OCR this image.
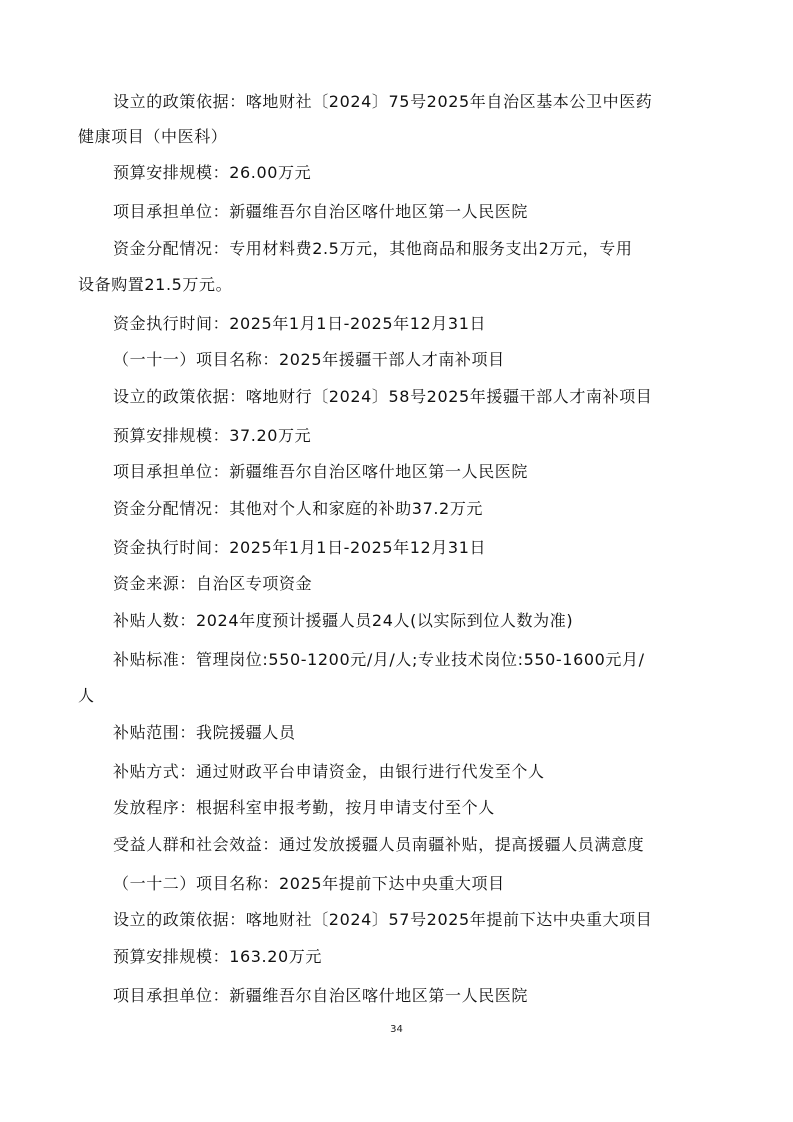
设立的政策依据：喀地财社〔2024〕75号2025年自治区基本公卫中医药
健康项目（中医科）
预算安排规模：26.00万元
项目承担单位：新疆维吾尔自治区喀什地区第一人民医院
资金分配情况：专用材料费2.5万元，其他商品和服务支出2万元，专用
设备购置21.5万元。
资金执行时间：2025年1月1日-2025年12月31日
（一十一）项目名称：2025年援疆干部人才南补项目
设立的政策依据：喀地财行〔2024〕58号2025年援疆干部人才南补项目
预算安排规模：37.20万元
项目承担单位：新疆维吾尔自治区喀什地区第一人民医院
资金分配情况：其他对个人和家庭的补助37.2万元
资金执行时间：2025年1月1日-2025年12月31日
资金来源：自治区专项资金
补贴人数：2024年度预计援疆人员24人(以实际到位人数为准)
补贴标准：管理岗位:550-1200元/月/人;专业技术岗位:550-1600元月/
人
补贴范围：我院援疆人员
补贴方式：通过财政平台申请资金，由银行进行代发至个人
发放程序：根据科室申报考勤，按月申请支付至个人
受益人群和社会效益：通过发放援疆人员南疆补贴，提高援疆人员满意度
（一十二）项目名称：2025年提前下达中央重大项目
设立的政策依据：喀地财社〔2024〕57号2025年提前下达中央重大项目
预算安排规模：163.20万元
项目承担单位：新疆维吾尔自治区喀什地区第一人民医院
34
